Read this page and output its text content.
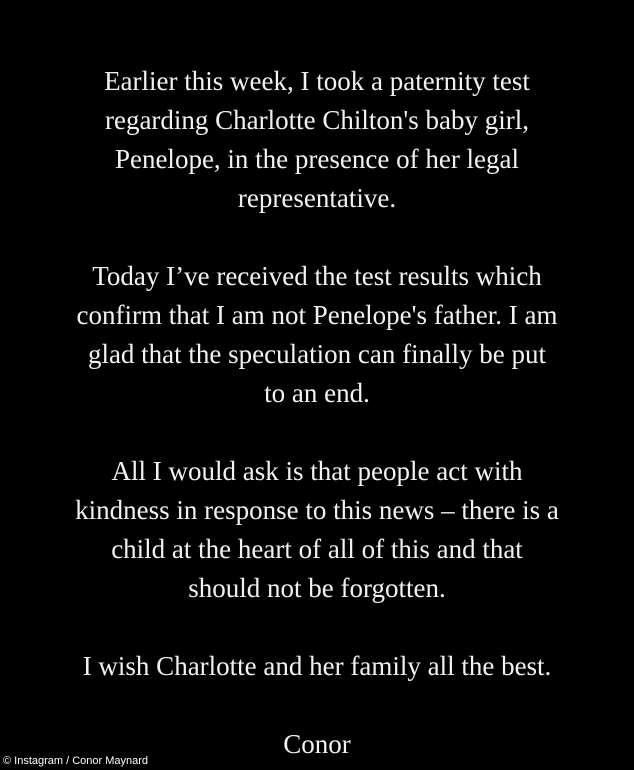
Earlier this week, I took a paternity test
regarding Charlotte Chilton's baby girl,
Penelope, in the presence of her legal
representative.

Today I’ve received the test results which
confirm that I am not Penelope's father. I am
glad that the speculation can finally be put
to an end.

All I would ask is that people act with
kindness in response to this news – there is a
child at the heart of all of this and that
should not be forgotten.

I wish Charlotte and her family all the best.

Conor

© Instagram / Conor Maynard
